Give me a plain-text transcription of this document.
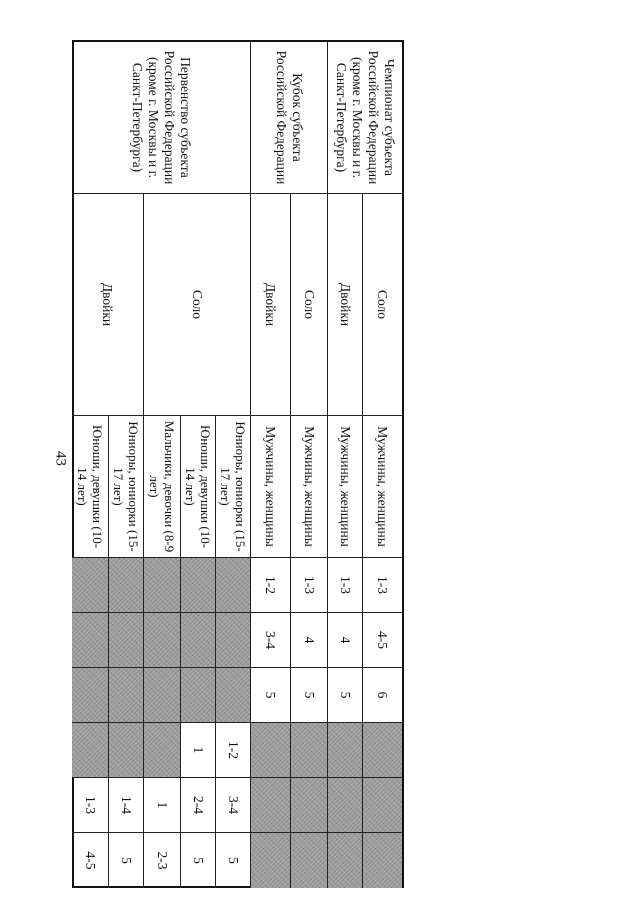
43
Чемпионат субъекта Российской Федерации (кроме г. Москвы и г. Санкт-Петербурга)
Кубок субъекта Российской Федерации
Первенство субъекта Российской Федерации (кроме г. Москвы и г. Санкт-Петербурга)
Соло
Двойки
Соло
Двойки
Соло
Двойки
Мужчины, женщины
Мужчины, женщины
Мужчины, женщины
Мужчины, женщины
Юниоры, юниорки (15-17 лет)
Юноши, девушки (10-14 лет)
Мальчики, девочки (8-9 лет)
Юниоры, юниорки (15-17 лет)
Юноши, девушки (10-14 лет)
1-3
4-5
6
1-3
4
5
1-3
4
5
1-2
3-4
5
1-2
3-4
5
1
2-4
5
1
2-3
1-4
5
1-3
4-5
